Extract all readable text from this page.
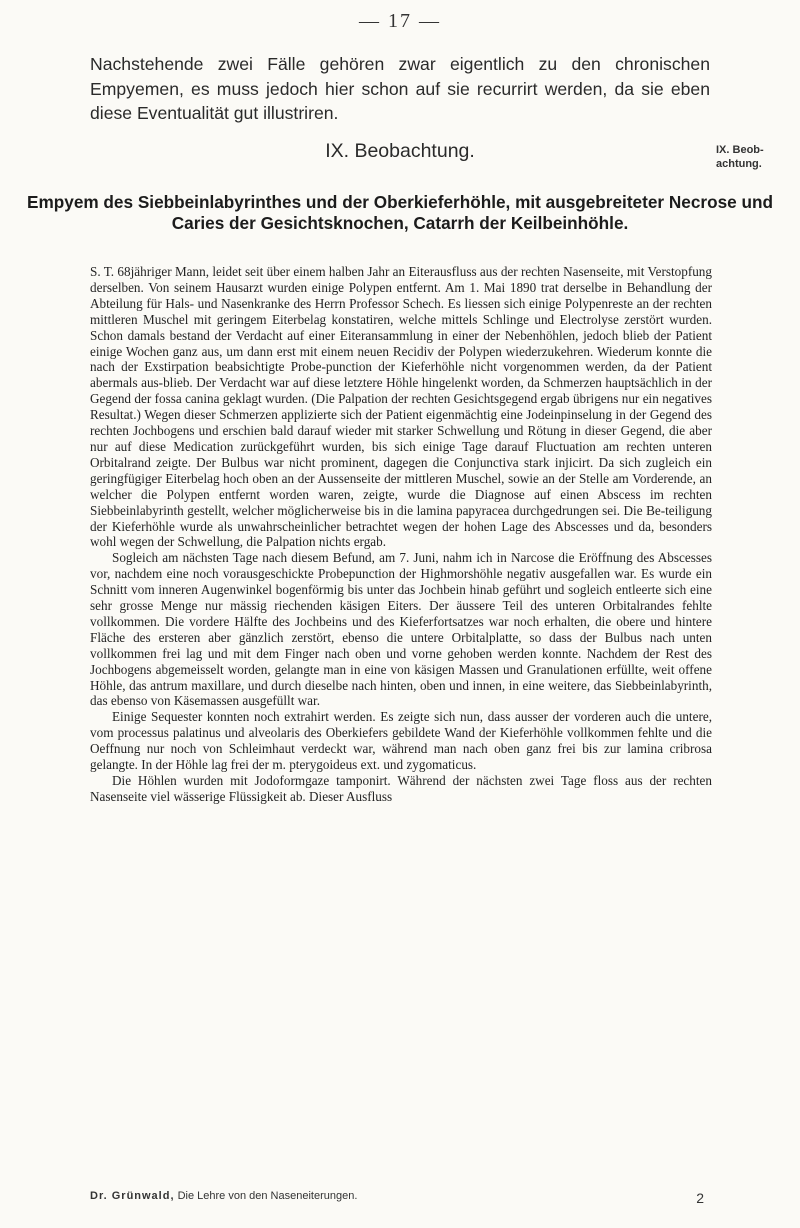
— 17 —
Nachstehende zwei Fälle gehören zwar eigentlich zu den chronischen Empyemen, es muss jedoch hier schon auf sie recurrirt werden, da sie eben diese Eventualität gut illustriren.
IX. Beobachtung.	IX. Beob-achtung.
Empyem des Siebbeinlabyrinthes und der Oberkieferhöhle, mit ausgebreiteter Necrose und Caries der Gesichtsknochen, Catarrh der Keilbeinhöhle.

S. T. 68jähriger Mann, leidet seit über einem halben Jahr an Eiterausfluss aus der rechten Nasenseite, mit Verstopfung derselben. Von seinem Hausarzt wurden einige Polypen entfernt. Am 1. Mai 1890 trat derselbe in Behandlung der Abteilung für Hals- und Nasenkranke des Herrn Professor Schech. Es liessen sich einige Polypenreste an der rechten mittleren Muschel mit geringem Eiterbelag konstatiren, welche mittels Schlinge und Electrolyse zerstört wurden. Schon damals bestand der Verdacht auf einer Eiteransammlung in einer der Nebenhöhlen, jedoch blieb der Patient einige Wochen ganz aus, um dann erst mit einem neuen Recidiv der Polypen wiederzukehren. Wiederum konnte die nach der Exstirpation beabsichtigte Probe-punction der Kieferhöhle nicht vorgenommen werden, da der Patient abermals aus-blieb. Der Verdacht war auf diese letztere Höhle hingelenkt worden, da Schmerzen hauptsächlich in der Gegend der fossa canina geklagt wurden. (Die Palpation der rechten Gesichtsgegend ergab übrigens nur ein negatives Resultat.) Wegen dieser Schmerzen applizierte sich der Patient eigenmächtig eine Jodeinpinselung in der Gegend des rechten Jochbogens und erschien bald darauf wieder mit starker Schwellung und Rötung in dieser Gegend, die aber nur auf diese Medication zurückgeführt wurden, bis sich einige Tage darauf Fluctuation am rechten unteren Orbitalrand zeigte. Der Bulbus war nicht prominent, dagegen die Conjunctiva stark injicirt. Da sich zugleich ein geringfügiger Eiterbelag hoch oben an der Aussenseite der mittleren Muschel, sowie an der Stelle am Vorderende, an welcher die Polypen entfernt worden waren, zeigte, wurde die Diagnose auf einen Abscess im rechten Siebbeinlabyrinth gestellt, welcher möglicherweise bis in die lamina papyracea durchgedrungen sei. Die Be-teiligung der Kieferhöhle wurde als unwahrscheinlicher betrachtet wegen der hohen Lage des Abscesses und da, besonders wohl wegen der Schwellung, die Palpation nichts ergab.

Sogleich am nächsten Tage nach diesem Befund, am 7. Juni, nahm ich in Narcose die Eröffnung des Abscesses vor, nachdem eine noch vorausgeschickte Probepunction der Highmorshöhle negativ ausgefallen war. Es wurde ein Schnitt vom inneren Augenwinkel bogenförmig bis unter das Jochbein hinab geführt und sogleich entleerte sich eine sehr grosse Menge nur mässig riechenden käsigen Eiters. Der äussere Teil des unteren Orbitalrandes fehlte vollkommen. Die vordere Hälfte des Jochbeins und des Kieferfortsatzes war noch erhalten, die obere und hintere Fläche des ersteren aber gänzlich zerstört, ebenso die untere Orbitalplatte, so dass der Bulbus nach unten vollkommen frei lag und mit dem Finger nach oben und vorne gehoben werden konnte. Nachdem der Rest des Jochbogens abgemeisselt worden, gelangte man in eine von käsigen Massen und Granulationen erfüllte, weit offene Höhle, das antrum maxillare, und durch dieselbe nach hinten, oben und innen, in eine weitere, das Siebbeinlabyrinth, das ebenso von Käsemassen ausgefüllt war.

Einige Sequester konnten noch extrahirt werden. Es zeigte sich nun, dass ausser der vorderen auch die untere, vom processus palatinus und alveolaris des Oberkiefers gebildete Wand der Kieferhöhle vollkommen fehlte und die Oeffnung nur noch von Schleimhaut verdeckt war, während man nach oben ganz frei bis zur lamina cribrosa gelangte. In der Höhle lag frei der m. pterygoideus ext. und zygomaticus.

Die Höhlen wurden mit Jodoformgaze tamponirt. Während der nächsten zwei Tage floss aus der rechten Nasenseite viel wässerige Flüssigkeit ab. Dieser Ausfluss

Dr. Grünwald, Die Lehre von den Naseneiterungen.	2
